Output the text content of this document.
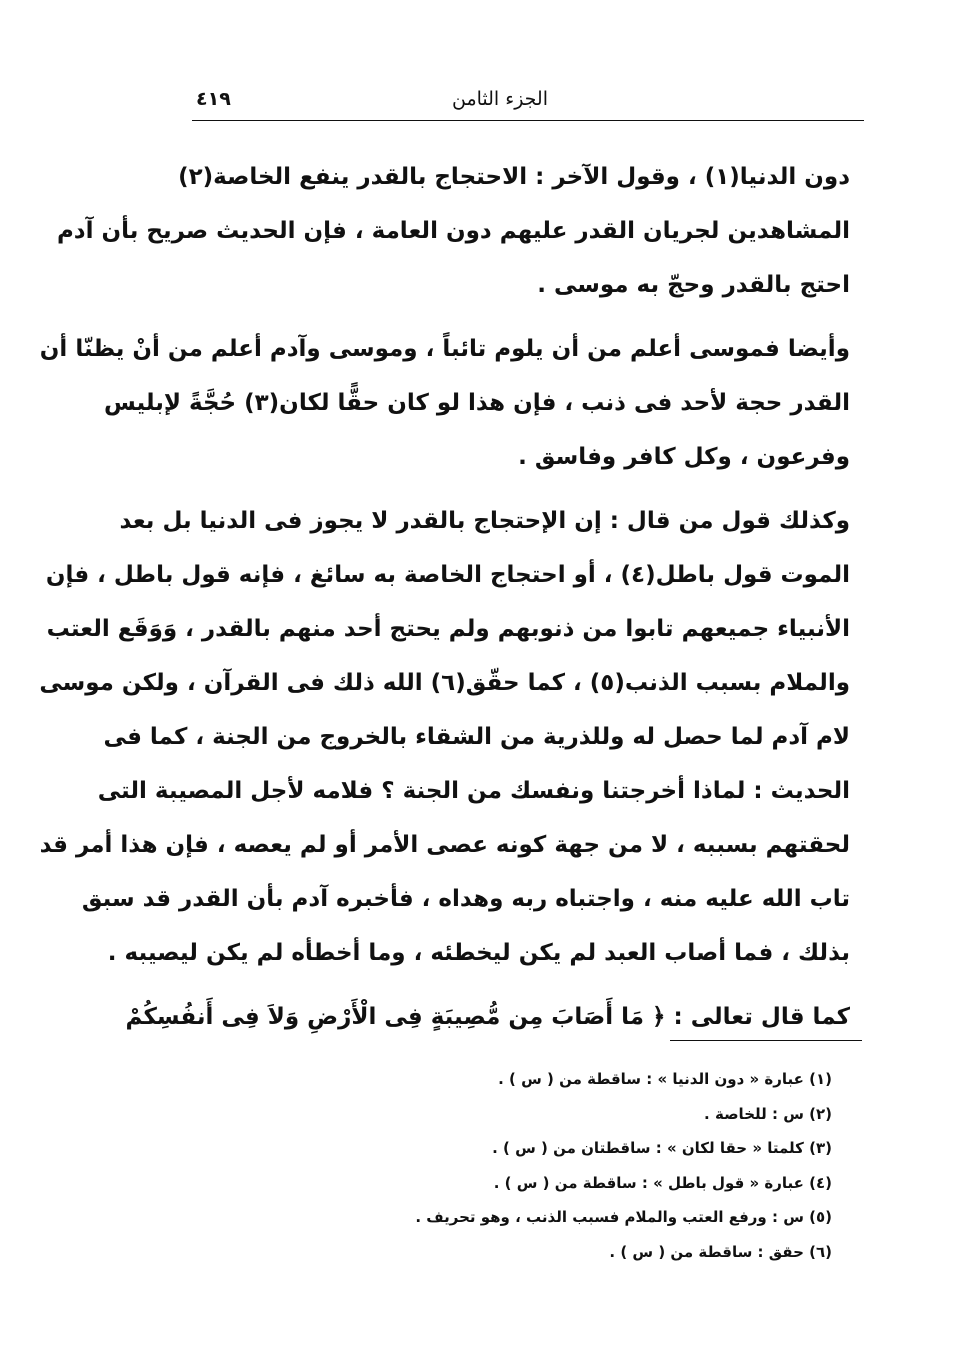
٤١٩	الجزء الثامن
دون الدنيا(١) ، وقول الآخر : الاحتجاج بالقدر ينفع الخاصة(٢)
المشاهدين لجريان القدر عليهم دون العامة ، فإن الحديث صريح بأن آدم
احتج بالقدر وحجّ به موسى .
وأيضا فموسى أعلم من أن يلوم تائباً ، وموسى وآدم أعلم من أنْ يظنّا أن
القدر حجة لأحد فى ذنب ، فإن هذا لو كان حقًّا لكان(٣) حُجَّةً لإبليس
وفرعون ، وكل كافر وفاسق .
وكذلك قول من قال : إن الإحتجاج بالقدر لا يجوز فى الدنيا بل بعد
الموت قول باطل(٤) ، أو احتجاج الخاصة به سائغ ، فإنه قول باطل ، فإن
الأنبياء جميعهم تابوا من ذنوبهم ولم يحتج أحد منهم بالقدر ، وَوَقَع العتب
والملام بسبب الذنب(٥) ، كما حقّق(٦) الله ذلك فى القرآن ، ولكن موسى
لام آدم لما حصل له وللذرية من الشقاء بالخروج من الجنة ، كما فى
الحديث : لماذا أخرجتنا ونفسك من الجنة ؟ فلامه لأجل المصيبة التى
لحقتهم بسببه ، لا من جهة كونه عصى الأمر أو لم يعصه ، فإن هذا أمر قد
تاب الله عليه منه ، واجتباه ربه وهداه ، فأخبره آدم بأن القدر قد سبق
بذلك ، فما أصاب العبد لم يكن ليخطئه ، وما أخطأه لم يكن ليصيبه .
كما قال تعالى : ﴿ مَا أَصَابَ مِن مُّصِيبَةٍ فِى الْأَرْضِ وَلاَ فِى أَنفُسِكُمْ
(١) عبارة « دون الدنيا » : ساقطة من ( س ) .
(٢) س : للخاصة .
(٣) كلمتا « حقا لكان » : ساقطتان من ( س ) .
(٤) عبارة « قول باطل » : ساقطة من ( س ) .
(٥) س : ورفع العتب والملام فسبب الذنب ، وهو تحريف .
(٦) حقق : ساقطة من ( س ) .
